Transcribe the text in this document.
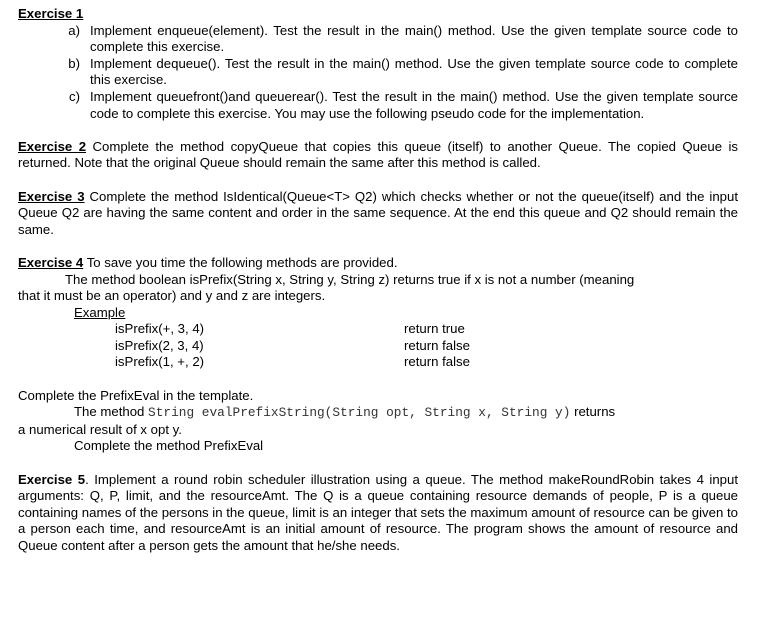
Exercise 1
a) Implement enqueue(element). Test the result in the main() method. Use the given template source code to complete this exercise.
b) Implement dequeue(). Test the result in the main() method. Use the given template source code to complete this exercise.
c) Implement queuefront()and queuerear(). Test the result in the main() method. Use the given template source code to complete this exercise. You may use the following pseudo code for the implementation.

Exercise 2 Complete the method copyQueue that copies this queue (itself) to another Queue. The copied Queue is returned. Note that the original Queue should remain the same after this method is called.

Exercise 3 Complete the method IsIdentical(Queue<T> Q2) which checks whether or not the queue(itself) and the input Queue Q2 are having the same content and order in the same sequence. At the end this queue and Q2 should remain the same.

Exercise 4 To save you time the following methods are provided.

The method boolean isPrefix(String x, String y, String z) returns true if x is not a number (meaning
that it must be an operator) and y and z are integers.

Example
isPrefix(+, 3, 4)	return true
isPrefix(2, 3, 4)	return false
isPrefix(1, +, 2)	return false

Complete the PrefixEval in the template.

The method String evalPrefixString(String opt, String x, String y) returns
a numerical result of x opt y.

Complete the method PrefixEval

Exercise 5. Implement a round robin scheduler illustration using a queue. The method makeRoundRobin takes 4 input arguments: Q, P, limit, and the resourceAmt. The Q is a queue containing resource demands of people, P is a queue containing names of the persons in the queue, limit is an integer that sets the maximum amount of resource can be given to a person each time, and resourceAmt is an initial amount of resource. The program shows the amount of resource and Queue content after a person gets the amount that he/she needs.
